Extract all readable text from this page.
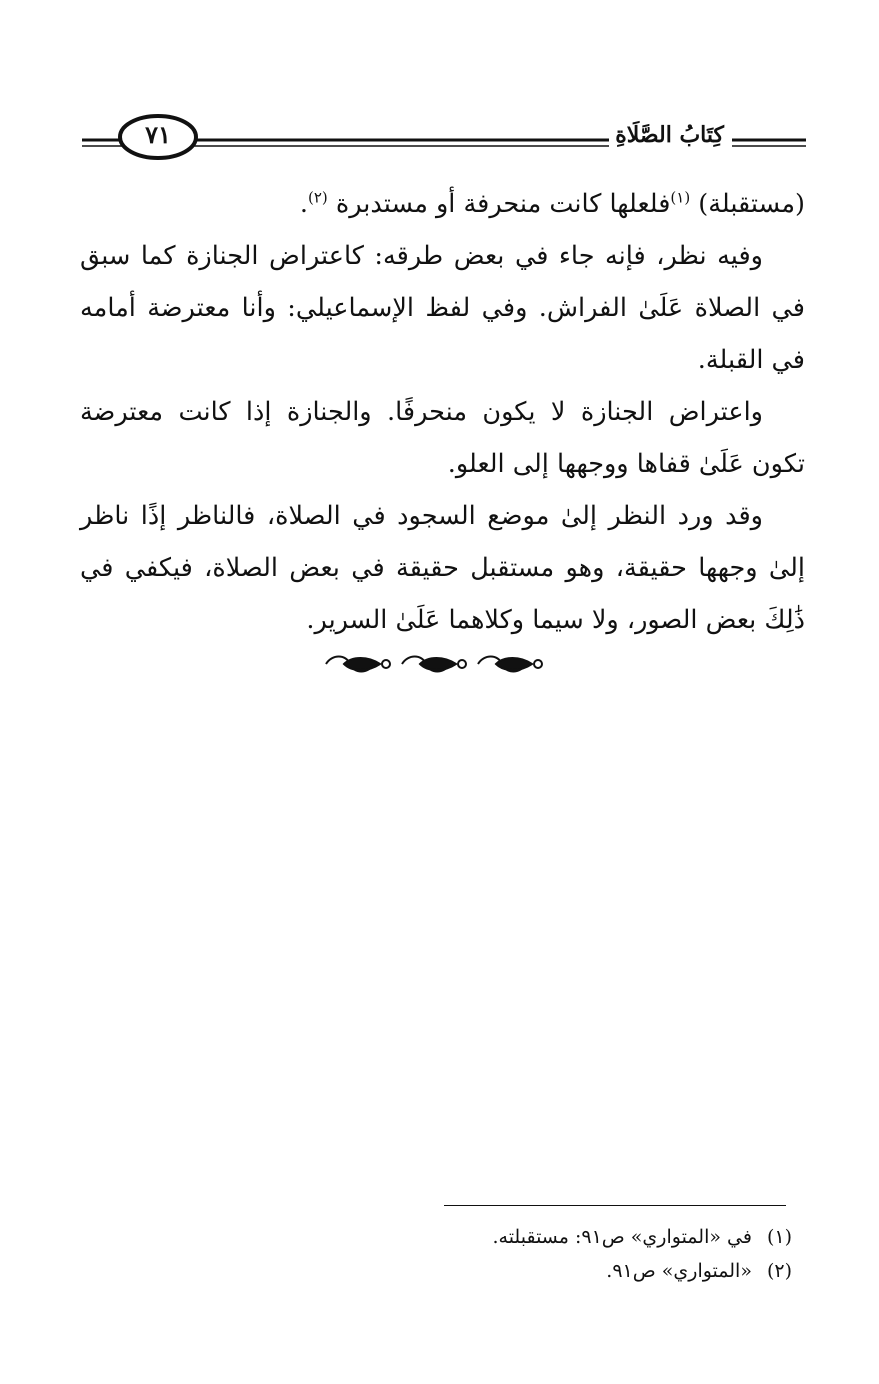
كِتَابُ الصَّلَاةِ
٧١

(مستقبلة) $^{(١)}$فلعلها كانت منحرفة أو مستدبرة $^{(٢)}$.

وفيه نظر، فإنه جاء في بعض طرقه: كاعتراض الجنازة كما سبق في الصلاة عَلَىٰ الفراش. وفي لفظ الإسماعيلي: وأنا معترضة أمامه في القبلة.

واعتراض الجنازة لا يكون منحرفًا. والجنازة إذا كانت معترضة تكون عَلَىٰ قفاها ووجهها إلى العلو.

وقد ورد النظر إلىٰ موضع السجود في الصلاة، فالناظر إذًا ناظر إلىٰ وجهها حقيقة، وهو مستقبل حقيقة في بعض الصلاة، فيكفي في ذَٰلِكَ بعض الصور، ولا سيما وكلاهما عَلَىٰ السرير.

(١) في «المتواري» ص٩١: مستقبلته.

(٢) «المتواري» ص٩١.
